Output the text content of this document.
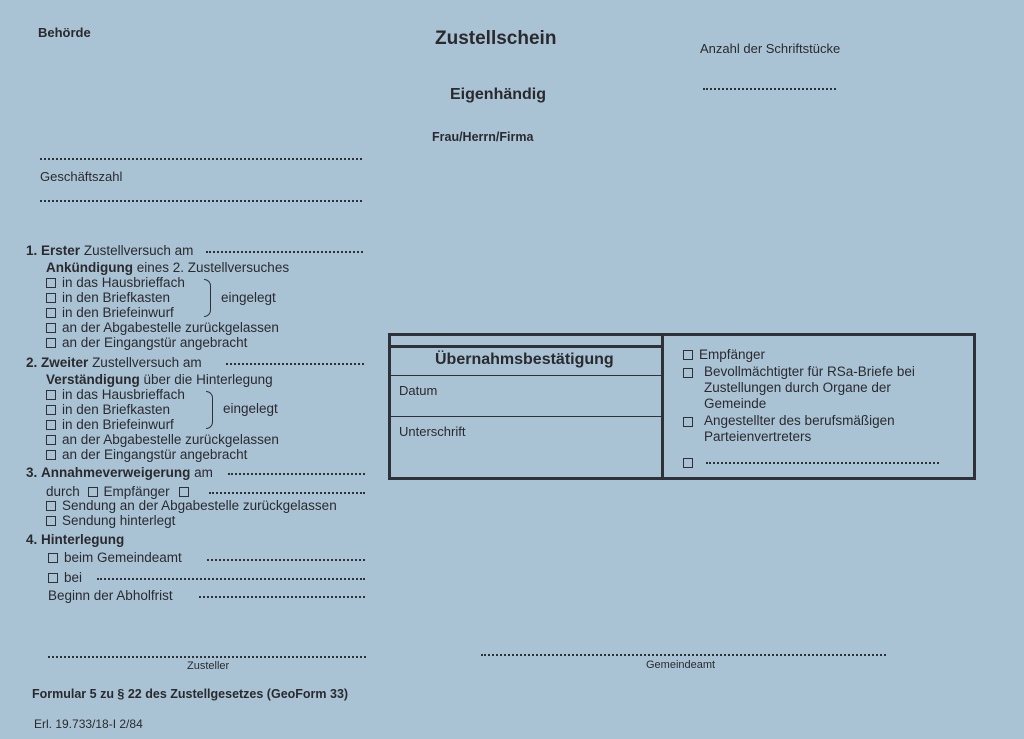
Behörde	Zustellschein	Anzahl der Schriftstücke
Eigenhändig
Frau/Herrn/Firma
Geschäftszahl
1. Erster Zustellversuch am
Ankündigung eines 2. Zustellversuches
in das Hausbrieffach
in den Briefkasten
in den Briefeinwurf
eingelegt
an der Abgabestelle zurückgelassen
an der Eingangstür angebracht
2. Zweiter Zustellversuch am
Verständigung über die Hinterlegung
in das Hausbrieffach
in den Briefkasten
in den Briefeinwurf
eingelegt
an der Abgabestelle zurückgelassen
an der Eingangstür angebracht
3. Annahmeverweigerung am
durch Empfänger
Sendung an der Abgabestelle zurückgelassen
Sendung hinterlegt
4. Hinterlegung
beim Gemeindeamt
bei
Beginn der Abholfrist
Übernahmsbestätigung
Datum
Unterschrift
Empfänger
Bevollmächtigter für RSa-Briefe bei Zustellungen durch Organe der Gemeinde
Angestellter des berufsmäßigen Parteienvertreters
Zusteller	Gemeindeamt
Formular 5 zu § 22 des Zustellgesetzes (GeoForm 33)
Erl. 19.733/18-I 2/84
